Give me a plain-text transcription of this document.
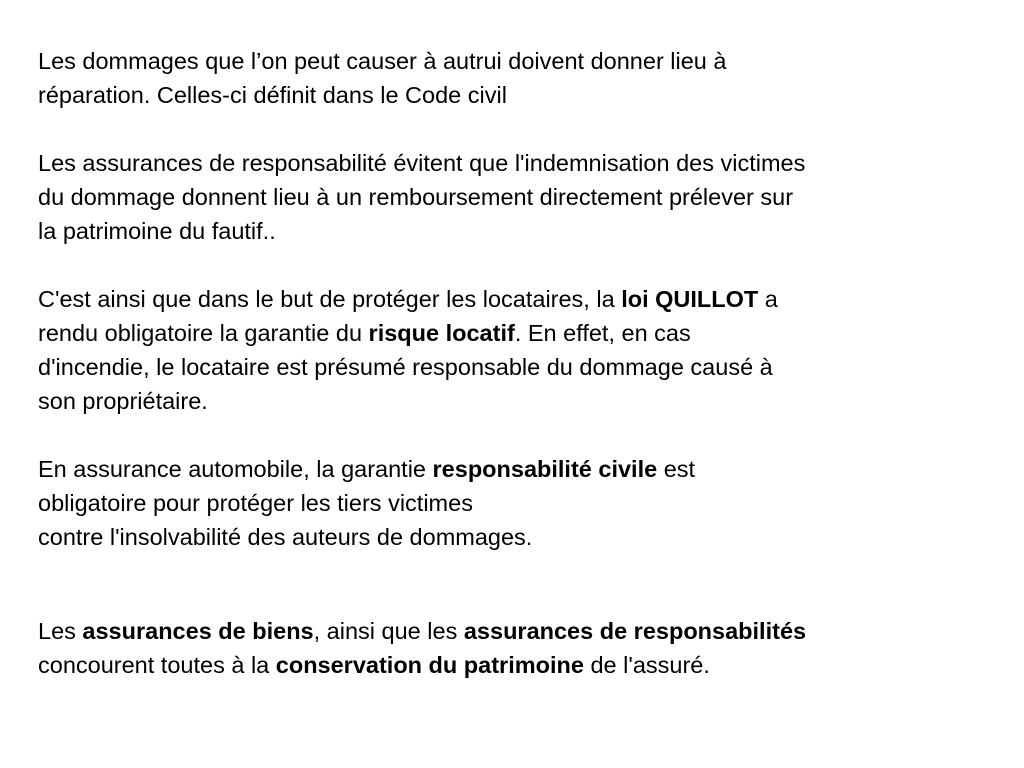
Les dommages que l’on peut causer à autrui doivent donner lieu à
réparation. Celles-ci définit dans le Code civil

Les assurances de responsabilité évitent que l'indemnisation des victimes
du dommage donnent lieu à un remboursement directement prélever sur
la patrimoine du fautif..

C'est ainsi que dans le but de protéger les locataires, la loi QUILLOT a
rendu obligatoire la garantie du risque locatif. En effet, en cas
d'incendie, le locataire est présumé responsable du dommage causé à
son propriétaire.

En assurance automobile, la garantie responsabilité civile est
obligatoire pour protéger les tiers victimes
contre l'insolvabilité des auteurs de dommages.

Les assurances de biens, ainsi que les assurances de responsabilités
concourent toutes à la conservation du patrimoine de l'assuré.
